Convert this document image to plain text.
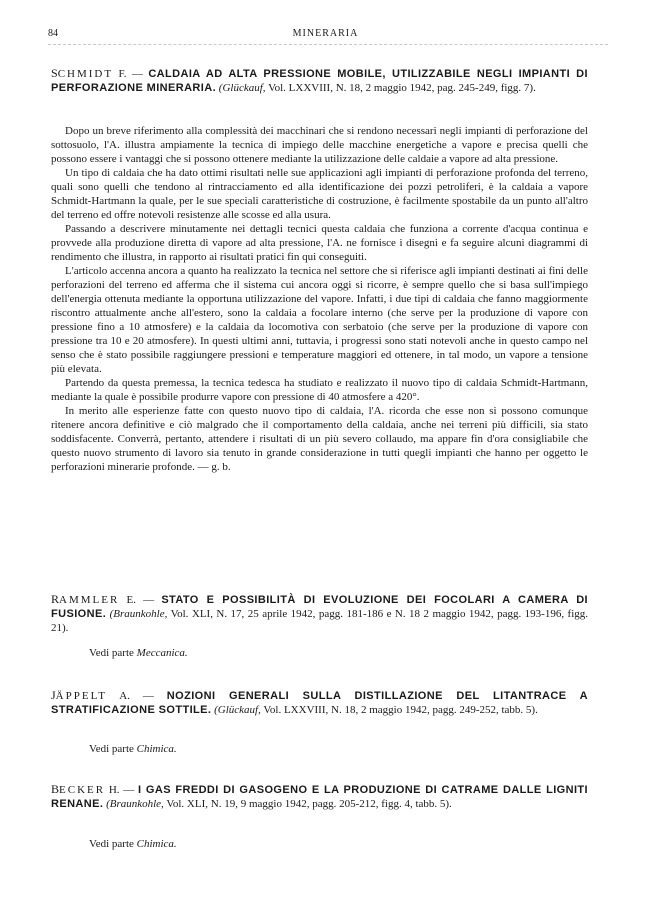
84	MINERARIA
SCHMIDT F. — CALDAIA AD ALTA PRESSIONE MOBILE, UTILIZZABILE NEGLI IMPIANTI DI PERFORAZIONE MINERARIA. (Glückauf, Vol. LXXVIII, N. 18, 2 maggio 1942, pag. 245-249, figg. 7).

Dopo un breve riferimento alla complessità dei macchinari che si rendono necessari negli impianti di perforazione del sottosuolo, l'A. illustra ampiamente la tecnica di impiego delle macchine energetiche a vapore e precisa quelli che possono essere i vantaggi che si possono ottenere mediante la utilizzazione delle caldaie a vapore ad alta pressione.

Un tipo di caldaia che ha dato ottimi risultati nelle sue applicazioni agli impianti di perforazione profonda del terreno, quali sono quelli che tendono al rintracciamento ed alla identificazione dei pozzi petroliferi, è la caldaia a vapore Schmidt-Hartmann la quale, per le sue speciali caratteristiche di costruzione, è facilmente spostabile da un punto all'altro del terreno ed offre notevoli resistenze alle scosse ed alla usura.

Passando a descrivere minutamente nei dettagli tecnici questa caldaia che funziona a corrente d'acqua continua e provvede alla produzione diretta di vapore ad alta pressione, l'A. ne fornisce i disegni e fa seguire alcuni diagrammi di rendimento che illustra, in rapporto ai risultati pratici fin qui conseguiti.

L'articolo accenna ancora a quanto ha realizzato la tecnica nel settore che si riferisce agli impianti destinati ai fini delle perforazioni del terreno ed afferma che il sistema cui ancora oggi si ricorre, è sempre quello che si basa sull'impiego dell'energia ottenuta mediante la opportuna utilizzazione del vapore. Infatti, i due tipi di caldaia che fanno maggiormente riscontro attualmente anche all'estero, sono la caldaia a focolare interno (che serve per la produzione di vapore con pressione fino a 10 atmosfere) e la caldaia da locomotiva con serbatoio (che serve per la produzione di vapore con pressione tra 10 e 20 atmosfere). In questi ultimi anni, tuttavia, i progressi sono stati notevoli anche in questo campo nel senso che è stato possibile raggiungere pressioni e temperature maggiori ed ottenere, in tal modo, un vapore a tensione più elevata.

Partendo da questa premessa, la tecnica tedesca ha studiato e realizzato il nuovo tipo di caldaia Schmidt-Hartmann, mediante la quale è possibile produrre vapore con pressione di 40 atmosfere a 420°.

In merito alle esperienze fatte con questo nuovo tipo di caldaia, l'A. ricorda che esse non si possono comunque ritenere ancora definitive e ciò malgrado che il comportamento della caldaia, anche nei terreni più difficili, sia stato soddisfacente. Converrà, pertanto, attendere i risultati di un più severo collaudo, ma appare fin d'ora consigliabile che questo nuovo strumento di lavoro sia tenuto in grande considerazione in tutti quegli impianti che hanno per oggetto le perforazioni minerarie profonde. — g. b.

RAMMLER E. — STATO E POSSIBILITÀ DI EVOLUZIONE DEI FOCOLARI A CAMERA DI FUSIONE. (Braunkohle, Vol. XLI, N. 17, 25 aprile 1942, pagg. 181-186 e N. 18 2 maggio 1942, pagg. 193-196, figg. 21).
Vedi parte Meccanica.
JÄPPELT A. — NOZIONI GENERALI SULLA DISTILLAZIONE DEL LITANTRACE A STRATIFICAZIONE SOTTILE. (Glückauf, Vol. LXXVIII, N. 18, 2 maggio 1942, pagg. 249-252, tabb. 5).
Vedi parte Chimica.
BECKER H. — I GAS FREDDI DI GASOGENO E LA PRODUZIONE DI CATRAME DALLE LIGNITI RENANE. (Braunkohle, Vol. XLI, N. 19, 9 maggio 1942, pagg. 205-212, figg. 4, tabb. 5).
Vedi parte Chimica.
